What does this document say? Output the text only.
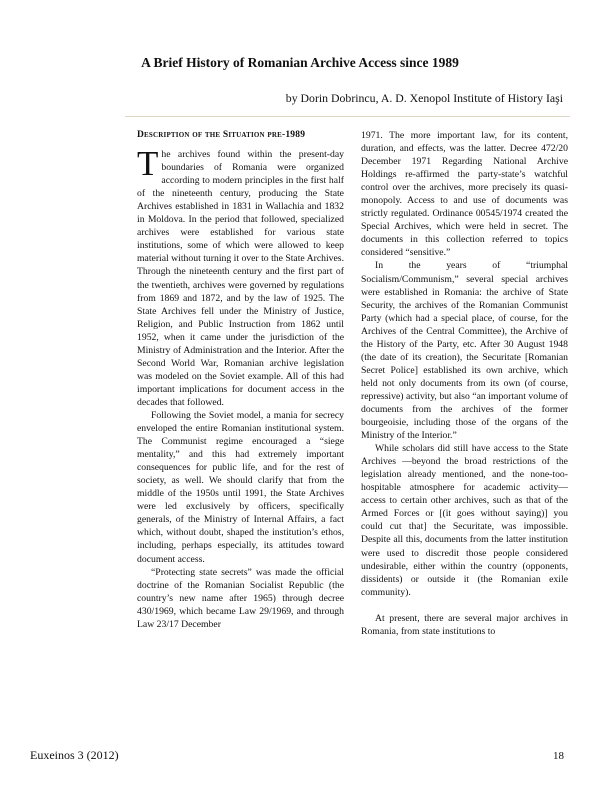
A Brief History of Romanian Archive Access since 1989
by Dorin Dobrincu, A. D. Xenopol Institute of History Iaşi
Description of the Situation pre-1989

The archives found within the present-day boundaries of Romania were organized according to modern principles in the first half of the nineteenth century, producing the State Archives established in 1831 in Wallachia and 1832 in Moldova. In the period that followed, specialized archives were established for various state institutions, some of which were allowed to keep material without turning it over to the State Archives. Through the nineteenth century and the first part of the twentieth, archives were governed by regulations from 1869 and 1872, and by the law of 1925. The State Archives fell under the Ministry of Justice, Religion, and Public Instruction from 1862 until 1952, when it came under the jurisdiction of the Ministry of Administration and the Interior. After the Second World War, Romanian archive legislation was modeled on the Soviet example. All of this had important implications for document access in the decades that followed.

Following the Soviet model, a mania for secrecy enveloped the entire Romanian institutional system. The Communist regime encouraged a “siege mentality,” and this had extremely important consequences for public life, and for the rest of society, as well. We should clarify that from the middle of the 1950s until 1991, the State Archives were led exclusively by officers, specifically generals, of the Ministry of Internal Affairs, a fact which, without doubt, shaped the institution’s ethos, including, perhaps especially, its attitudes toward document access.

“Protecting state secrets” was made the official doctrine of the Romanian Socialist Republic (the country’s new name after 1965) through decree 430/1969, which became Law 29/1969, and through Law 23/17 December

1971. The more important law, for its content, duration, and effects, was the latter. Decree 472/20 December 1971 Regarding National Archive Holdings re-affirmed the party-state’s watchful control over the archives, more precisely its quasi-monopoly. Access to and use of documents was strictly regulated. Ordinance 00545/1974 created the Special Archives, which were held in secret. The documents in this collection referred to topics considered “sensitive.”

In the years of “triumphal Socialism/Communism,” several special archives were established in Romania: the archive of State Security, the archives of the Romanian Communist Party (which had a special place, of course, for the Archives of the Central Committee), the Archive of the History of the Party, etc. After 30 August 1948 (the date of its creation), the Securitate [Romanian Secret Police] established its own archive, which held not only documents from its own (of course, repressive) activity, but also “an important volume of documents from the archives of the former bourgeoisie, including those of the organs of the Ministry of the Interior.”

While scholars did still have access to the State Archives —beyond the broad restrictions of the legislation already mentioned, and the none-too-hospitable atmosphere for academic activity— access to certain other archives, such as that of the Armed Forces or [(it goes without saying)] you could cut that] the Securitate, was impossible. Despite all this, documents from the latter institution were used to discredit those people considered undesirable, either within the country (opponents, dissidents) or outside it (the Romanian exile community).

At present, there are several major archives in Romania, from state institutions to

Euxeinos 3 (2012)	18
